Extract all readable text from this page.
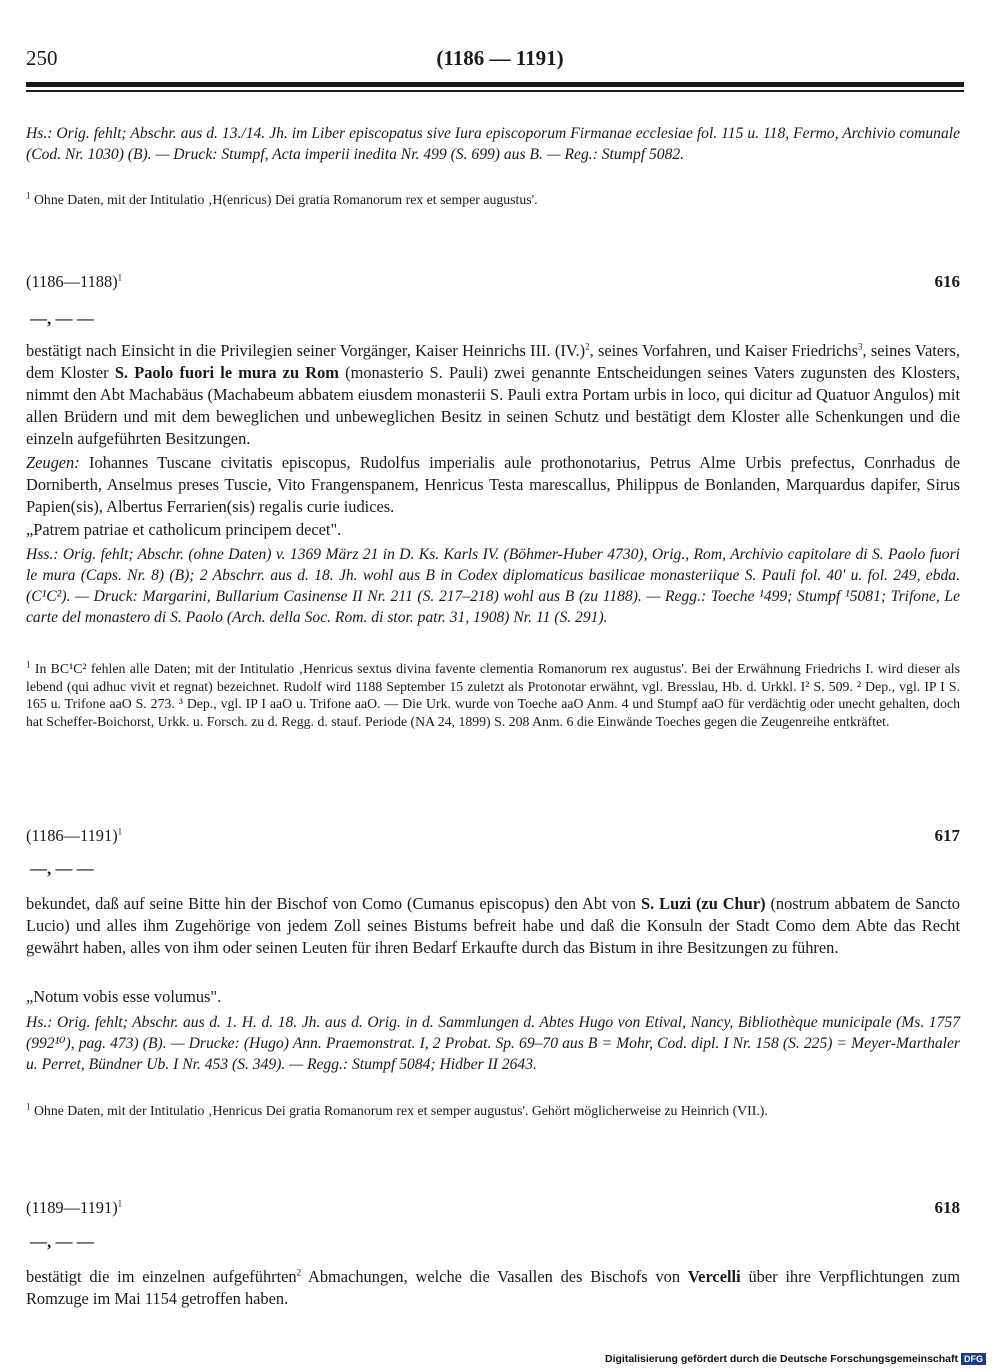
250	(1186 — 1191)

Hs.: Orig. fehlt; Abschr. aus d. 13./14. Jh. im Liber episcopatus sive Iura episcoporum Firmanae ecclesiae fol. 115 u. 118, Fermo, Archivio comunale (Cod. Nr. 1030) (B). — Druck: Stumpf, Acta imperii inedita Nr. 499 (S. 699) aus B. — Reg.: Stumpf 5082.

$^1$ Ohne Daten, mit der Intitulatio ‚H(enricus) Dei gratia Romanorum rex et semper augustus'.

(1186—1188)$^1$	616
—, — —

bestätigt nach Einsicht in die Privilegien seiner Vorgänger, Kaiser Heinrichs III. $(IV.)^2$, seines Vorfahren, und Kaiser Friedrichs$^3$, seines Vaters, dem Kloster S. Paolo fuori le mura zu Rom (monasterio S. Pauli) zwei genannte Entscheidungen seines Vaters zugunsten des Klosters, nimmt den Abt Machabäus (Machabeum abbatem eiusdem monasterii S. Pauli extra Portam urbis in loco, qui dicitur ad Quatuor Angulos) mit allen Brüdern und mit dem beweglichen und unbeweglichen Besitz in seinen Schutz und bestätigt dem Kloster alle Schenkungen und die einzeln aufgeführten Besitzungen.

Zeugen: Iohannes Tuscane civitatis episcopus, Rudolfus imperialis aule prothonotarius, Petrus Alme Urbis prefectus, Conrhadus de Dorniberth, Anselmus preses Tuscie, Vito Frangenspanem, Henricus Testa marescallus, Philippus de Bonlanden, Marquardus dapifer, Sirus Papien(sis), Albertus Ferrarien(sis) regalis curie iudices.

„Patrem patriae et catholicum principem decet".

Hss.: Orig. fehlt; Abschr. (ohne Daten) v. 1369 März 21 in D. Ks. Karls IV. (Böhmer-Huber 4730), Orig., Rom, Archivio capitolare di S. Paolo fuori le mura (Caps. Nr. 8) (B); 2 Abschrr. aus d. 18. Jh. wohl aus B in Codex diplomaticus basilicae monasteriique S. Pauli fol. 40' u. fol. 249, ebda. (C¹C²). — Druck: Margarini, Bullarium Casinense II Nr. 211 (S. 217–218) wohl aus B (zu 1188). — Regg.: Toeche ¹499; Stumpf ¹5081; Trifone, Le carte del monastero di S. Paolo (Arch. della Soc. Rom. di stor. patr. 31, 1908) Nr. 11 (S. 291).

$^1$ In BC¹C² fehlen alle Daten; mit der Intitulatio ‚Henricus sextus divina favente clementia Romanorum rex augustus'. Bei der Erwähnung Friedrichs I. wird dieser als lebend (qui adhuc vivit et regnat) bezeichnet. Rudolf wird 1188 September 15 zuletzt als Protonotar erwähnt, vgl. Bresslau, Hb. d. Urkkl. I² S. 509. ² Dep., vgl. IP I S. 165 u. Trifone aaO S. 273. ³ Dep., vgl. IP I aaO u. Trifone aaO. — Die Urk. wurde von Toeche aaO Anm. 4 und Stumpf aaO für verdächtig oder unecht gehalten, doch hat Scheffer-Boichorst, Urkk. u. Forsch. zu d. Regg. d. stauf. Periode (NA 24, 1899) S. 208 Anm. 6 die Einwände Toeches gegen die Zeugenreihe entkräftet.

(1186—1191)$^1$	617
—, — —

bekundet, daß auf seine Bitte hin der Bischof von Como (Cumanus episcopus) den Abt von S. Luzi (zu Chur) (nostrum abbatem de Sancto Lucio) und alles ihm Zugehörige von jedem Zoll seines Bistums befreit habe und daß die Konsuln der Stadt Como dem Abte das Recht gewährt haben, alles von ihm oder seinen Leuten für ihren Bedarf Erkaufte durch das Bistum in ihre Besitzungen zu führen.

„Notum vobis esse volumus".

Hs.: Orig. fehlt; Abschr. aus d. 1. H. d. 18. Jh. aus d. Orig. in d. Sammlungen d. Abtes Hugo von Etival, Nancy, Bibliothèque municipale (Ms. 1757 (992¹⁰), pag. 473) (B). — Drucke: (Hugo) Ann. Praemonstrat. I, 2 Probat. Sp. 69–70 aus B = Mohr, Cod. dipl. I Nr. 158 (S. 225) = Meyer-Marthaler u. Perret, Bündner Ub. I Nr. 453 (S. 349). — Regg.: Stumpf 5084; Hidber II 2643.

$^1$ Ohne Daten, mit der Intitulatio ‚Henricus Dei gratia Romanorum rex et semper augustus'. Gehört möglicherweise zu Heinrich (VII.).

(1189—1191)$^1$	618
—, — —

bestätigt die im einzelnen aufgeführten$^2$ Abmachungen, welche die Vasallen des Bischofs von Vercelli über ihre Verpflichtungen zum Romzuge im Mai 1154 getroffen haben.

Digitalisierung gefördert durch die Deutsche Forschungsgemeinschaft DFG
